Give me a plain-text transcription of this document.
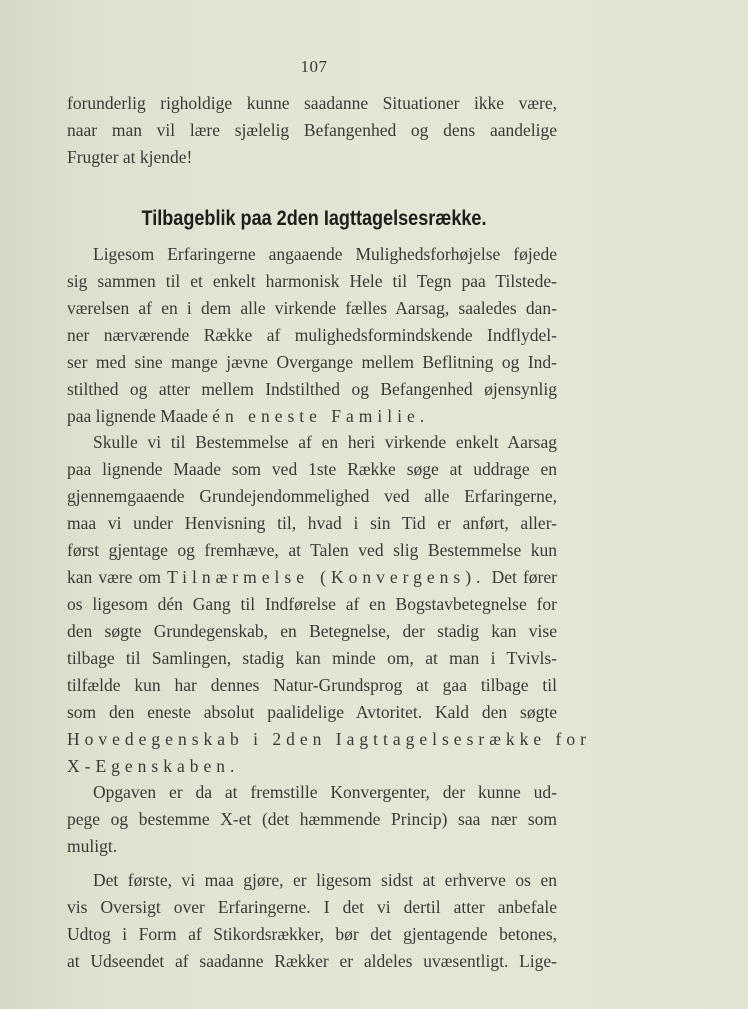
107
Tilbageblik paa 2den Iagttagelsesrække.
forunderlig righoldige kunne saadanne Situationer ikke være,
naar man vil lære sjælelig Befangenhed og dens aandelige
Frugter at kjende!
Ligesom Erfaringerne angaaende Mulighedsforhøjelse føjede
sig sammen til et enkelt harmonisk Hele til Tegn paa Tilstede-
værelsen af en i dem alle virkende fælles Aarsag, saaledes dan-
ner nærværende Række af mulighedsformindskende Indflydel-
ser med sine mange jævne Overgange mellem Beflitning og Ind-
stilthed og atter mellem Indstilthed og Befangenhed øjensynlig
paa lignende Maade én eneste Familie.
Skulle vi til Bestemmelse af en heri virkende enkelt Aarsag
paa lignende Maade som ved 1ste Række søge at uddrage en
gjennemgaaende Grundejendommelighed ved alle Erfaringerne,
maa vi under Henvisning til, hvad i sin Tid er anført, aller-
først gjentage og fremhæve, at Talen ved slig Bestemmelse kun
kan være om Tilnærmelse (Konvergens). Det fører
os ligesom dén Gang til Indførelse af en Bogstavbetegnelse for
den søgte Grundegenskab, en Betegnelse, der stadig kan vise
tilbage til Samlingen, stadig kan minde om, at man i Tvivls-
tilfælde kun har dennes Natur-Grundsprog at gaa tilbage til
som den eneste absolut paalidelige Avtoritet. Kald den søgte
Hovedegenskab i 2den Iagttagelsesrække for
X-Egenskaben.
Opgaven er da at fremstille Konvergenter, der kunne ud-
pege og bestemme X-et (det hæmmende Princip) saa nær som
muligt.
Det første, vi maa gjøre, er ligesom sidst at erhverve os en
vis Oversigt over Erfaringerne. I det vi dertil atter anbefale
Udtog i Form af Stikordsrækker, bør det gjentagende betones,
at Udseendet af saadanne Rækker er aldeles uvæsentligt. Lige-
